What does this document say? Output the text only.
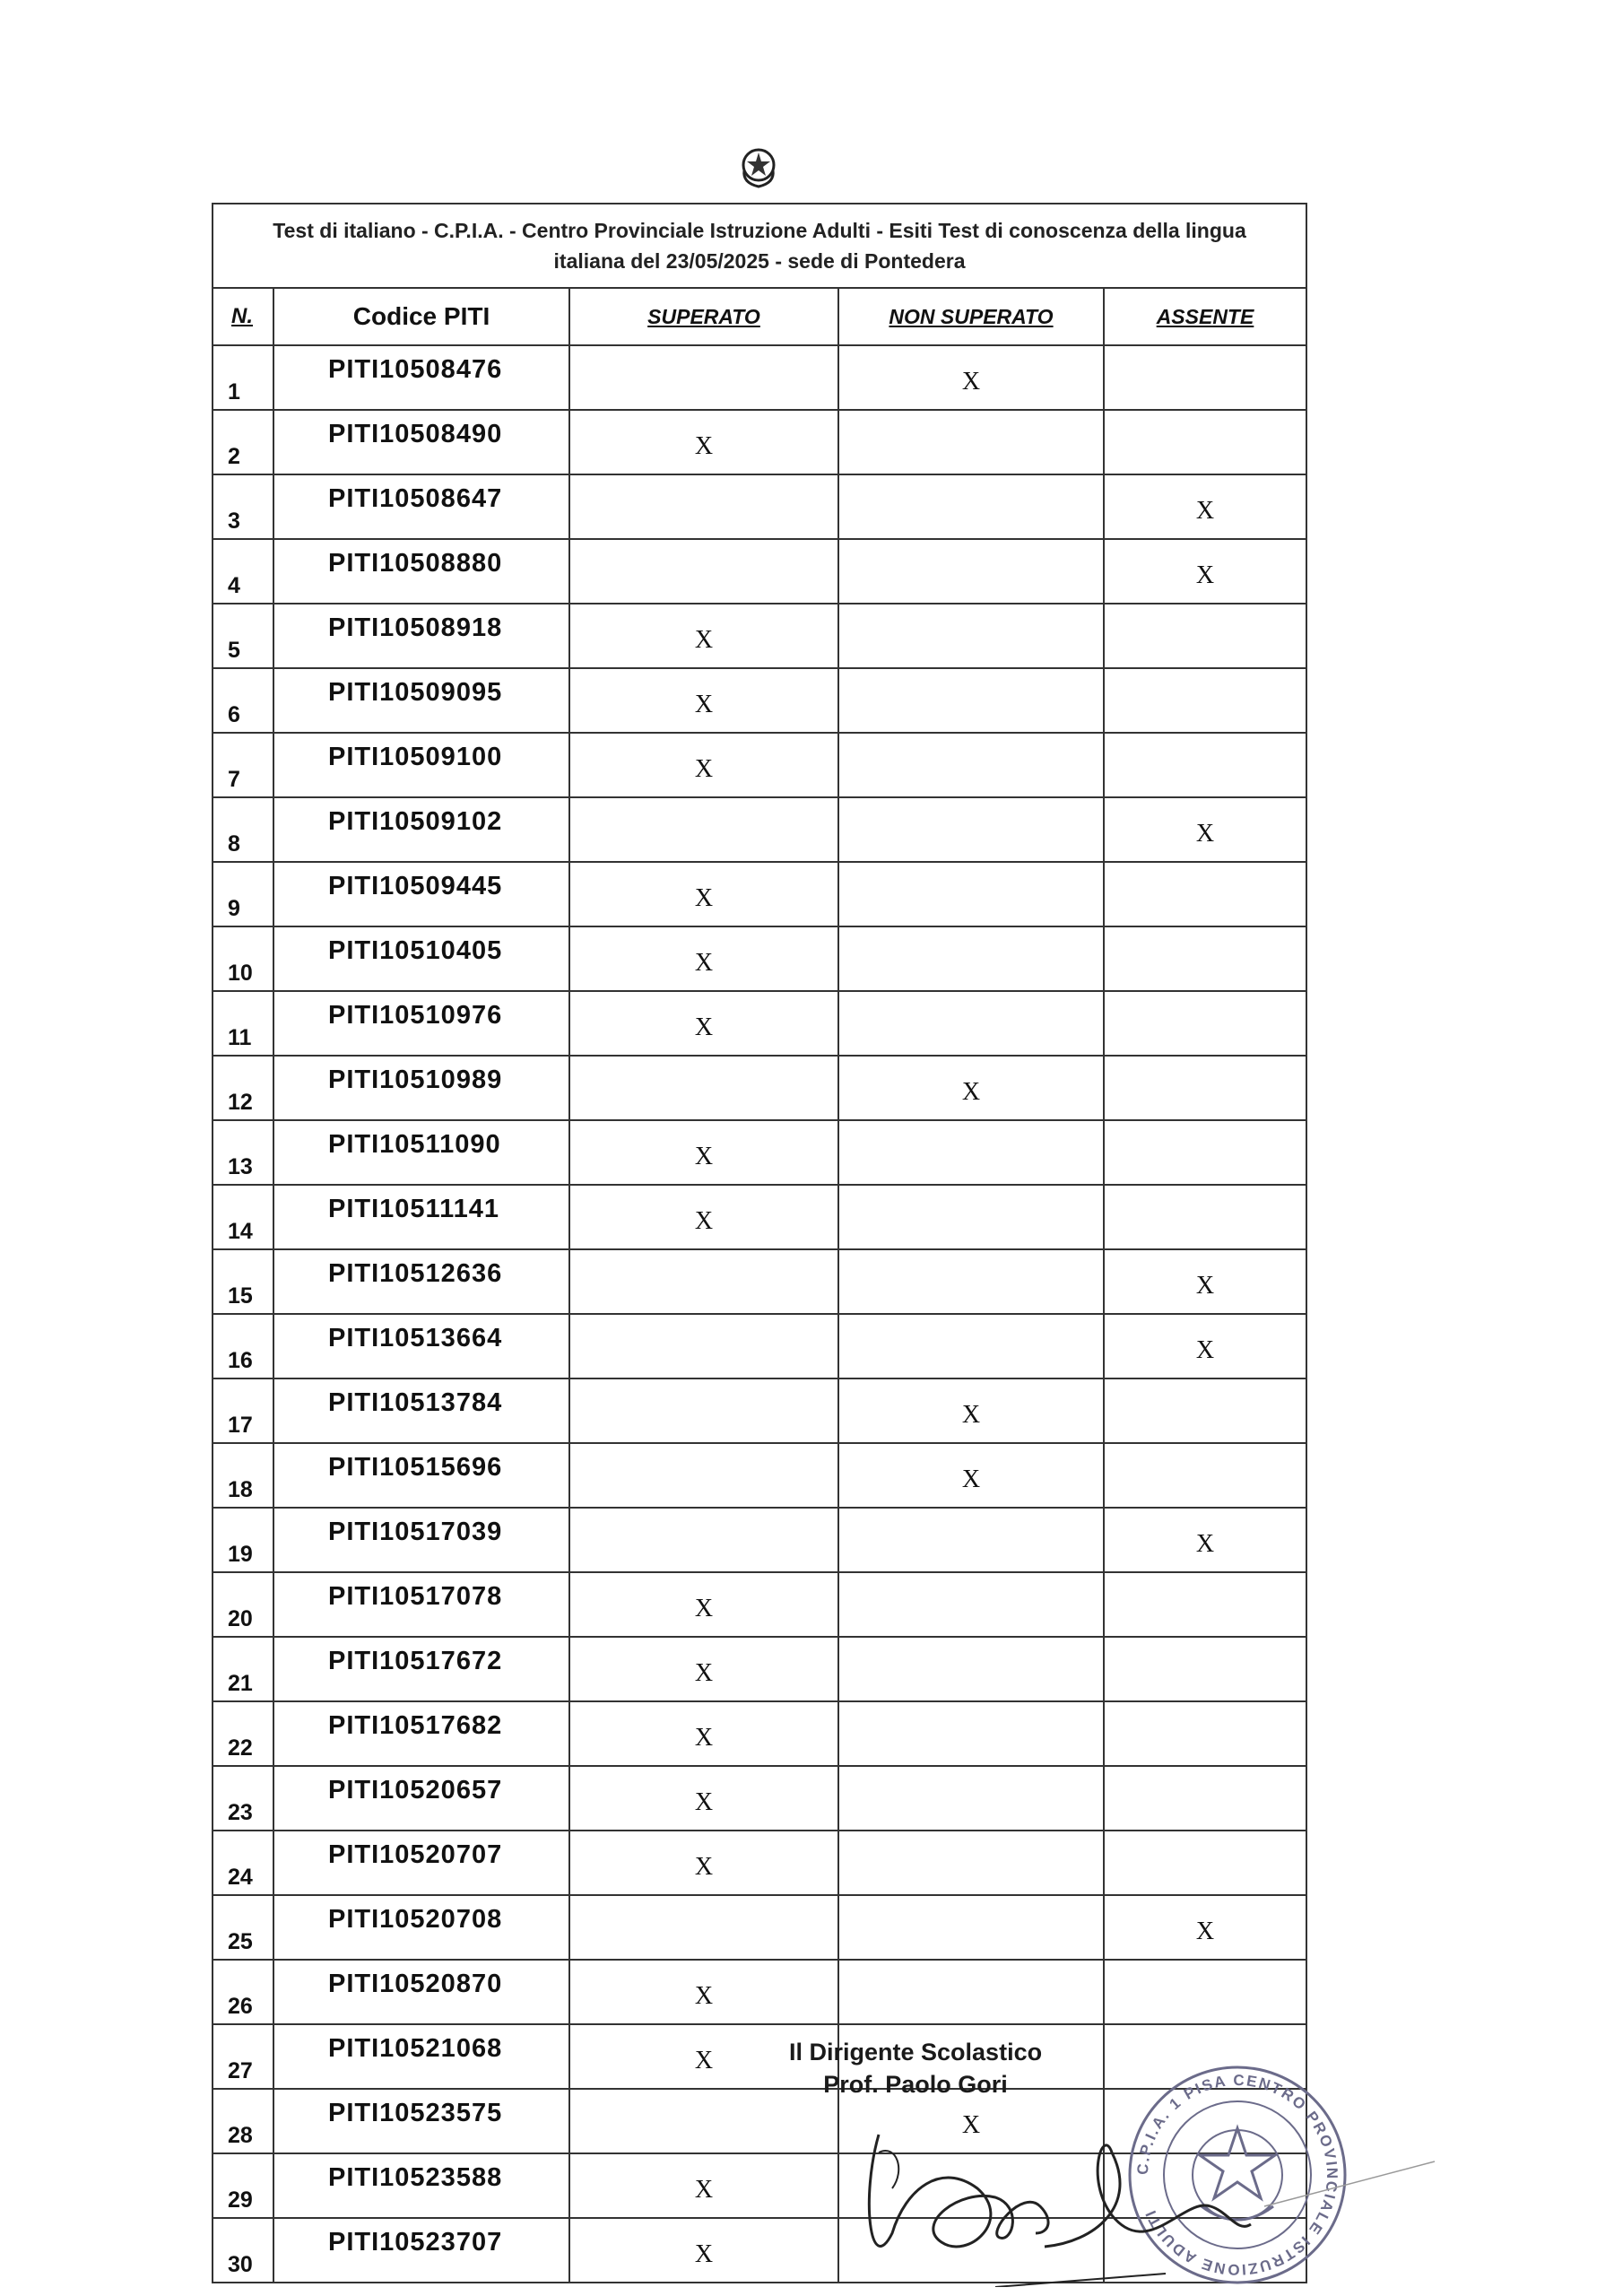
Test di italiano - C.P.I.A. - Centro Provinciale Istruzione Adulti - Esiti Test di conoscenza della lingua italiana del 23/05/2025 - sede di Pontedera				
N.	Codice PITI	SUPERATO	NON SUPERATO	ASSENTE
1	PITI10508476		X	
2	PITI10508490	X		
3	PITI10508647			X
4	PITI10508880			X
5	PITI10508918	X		
6	PITI10509095	X		
7	PITI10509100	X		
8	PITI10509102			X
9	PITI10509445	X		
10	PITI10510405	X		
11	PITI10510976	X		
12	PITI10510989		X	
13	PITI10511090	X		
14	PITI10511141	X		
15	PITI10512636			X
16	PITI10513664			X
17	PITI10513784		X	
18	PITI10515696		X	
19	PITI10517039			X
20	PITI10517078	X		
21	PITI10517672	X		
22	PITI10517682	X		
23	PITI10520657	X		
24	PITI10520707	X		
25	PITI10520708			X
26	PITI10520870	X		
27	PITI10521068	X		
28	PITI10523575		X	
29	PITI10523588	X		
30	PITI10523707	X		
Il Dirigente Scolastico
Prof. Paolo Gori
C.P.I.A. 1 PISA CENTRO PROVINCIALE ISTRUZIONE ADULTI
